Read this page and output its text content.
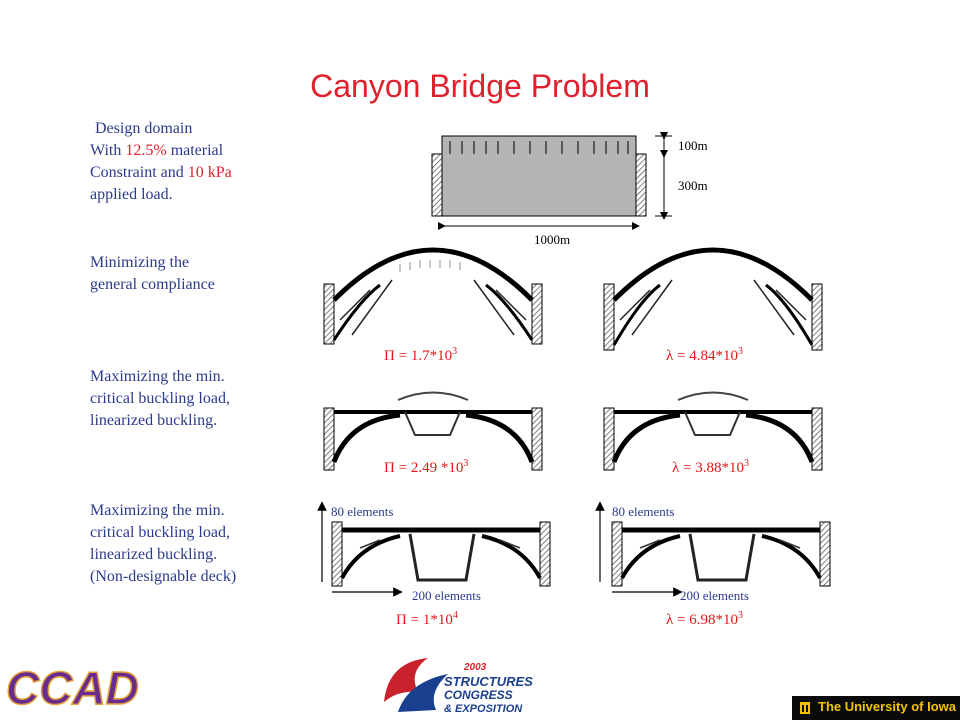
Canyon Bridge Problem
Design domain
With 12.5% material
Constraint and 10 kPa
applied load.
Minimizing the
general compliance
Maximizing the min.
critical buckling load,
linearized buckling.
Maximizing the min.
critical buckling load,
linearized buckling.
(Non-designable deck)
100m
300m
1000m
$\Pi = 1.7*10^3$	$\lambda = 4.84*10^3$
Π = 2.49 $*10^3$	$\lambda = 3.88*10^3$
$\Pi = 1*10^4$	$\lambda = 6.98*10^3$
80 elements
200 elements
80 elements
200 elements
CCAD	2003
STRUCTURES
CONGRESS
& EXPOSITION	The University of Iowa
